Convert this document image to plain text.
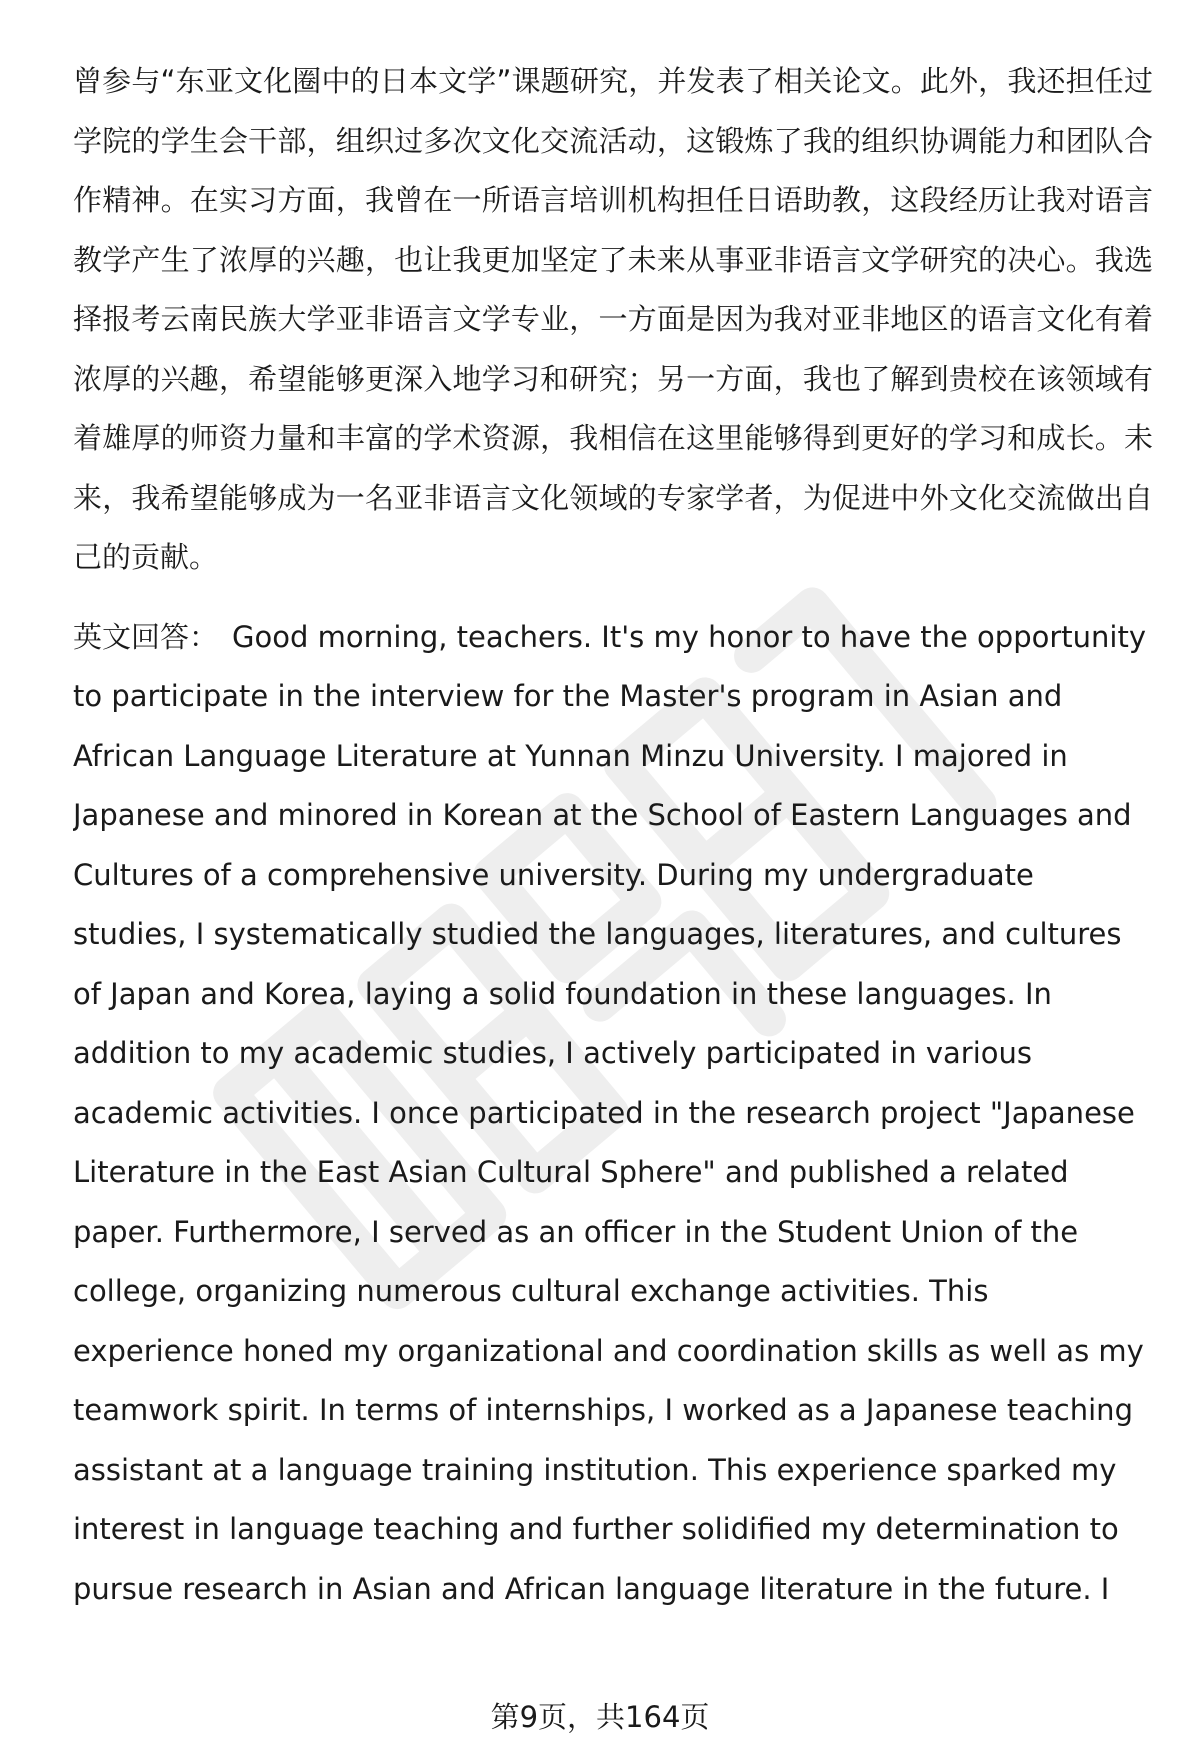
曾参与“东亚文化圈中的日本文学”课题研究，并发表了相关论文。此外，我还担任过学院的学生会干部，组织过多次文化交流活动，这锻炼了我的组织协调能力和团队合作精神。在实习方面，我曾在一所语言培训机构担任日语助教，这段经历让我对语言教学产生了浓厚的兴趣，也让我更加坚定了未来从事亚非语言文学研究的决心。我选择报考云南民族大学亚非语言文学专业，一方面是因为我对亚非地区的语言文化有着浓厚的兴趣，希望能够更深入地学习和研究；另一方面，我也了解到贵校在该领域有着雄厚的师资力量和丰富的学术资源，我相信在这里能够得到更好的学习和成长。未来，我希望能够成为一名亚非语言文化领域的专家学者，为促进中外文化交流做出自己的贡献。

英文回答： Good morning, teachers. It's my honor to have the opportunity to participate in the interview for the Master's program in Asian and African Language Literature at Yunnan Minzu University. I majored in Japanese and minored in Korean at the School of Eastern Languages and Cultures of a comprehensive university. During my undergraduate studies, I systematically studied the languages, literatures, and cultures of Japan and Korea, laying a solid foundation in these languages. In addition to my academic studies, I actively participated in various academic activities. I once participated in the research project "Japanese Literature in the East Asian Cultural Sphere" and published a related paper. Furthermore, I served as an officer in the Student Union of the college, organizing numerous cultural exchange activities. This experience honed my organizational and coordination skills as well as my teamwork spirit. In terms of internships, I worked as a Japanese teaching assistant at a language training institution. This experience sparked my interest in language teaching and further solidified my determination to pursue research in Asian and African language literature in the future. I

第9页，共164页
